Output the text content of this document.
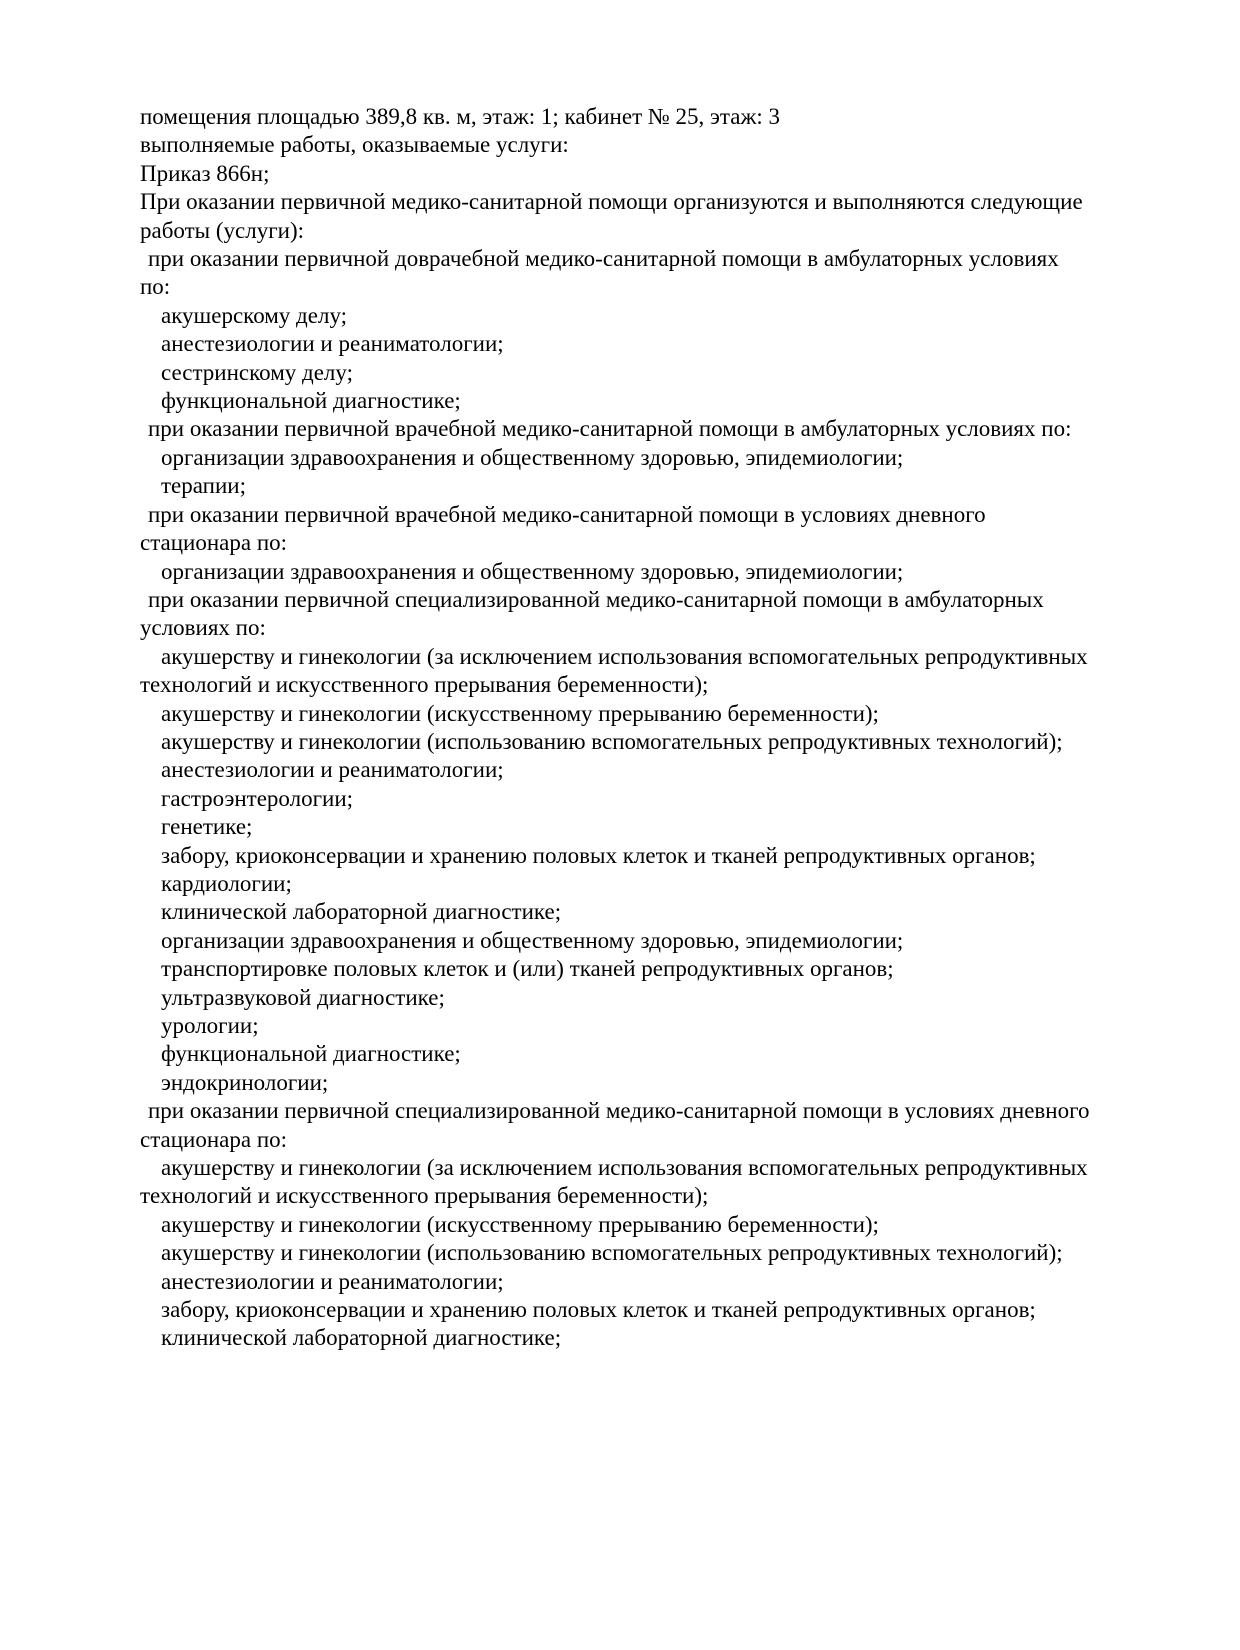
помещения площадью 389,8 кв. м, этаж: 1; кабинет № 25, этаж: 3
выполняемые работы, оказываемые услуги:
Приказ 866н;
При оказании первичной медико-санитарной помощи организуются и выполняются следующие
работы (услуги):
при оказании первичной доврачебной медико-санитарной помощи в амбулаторных условиях
по:
акушерскому делу;
анестезиологии и реаниматологии;
сестринскому делу;
функциональной диагностике;
при оказании первичной врачебной медико-санитарной помощи в амбулаторных условиях по:
организации здравоохранения и общественному здоровью, эпидемиологии;
терапии;
при оказании первичной врачебной медико-санитарной помощи в условиях дневного
стационара по:
организации здравоохранения и общественному здоровью, эпидемиологии;
при оказании первичной специализированной медико-санитарной помощи в амбулаторных
условиях по:
акушерству и гинекологии (за исключением использования вспомогательных репродуктивных
технологий и искусственного прерывания беременности);
акушерству и гинекологии (искусственному прерыванию беременности);
акушерству и гинекологии (использованию вспомогательных репродуктивных технологий);
анестезиологии и реаниматологии;
гастроэнтерологии;
генетике;
забору, криоконсервации и хранению половых клеток и тканей репродуктивных органов;
кардиологии;
клинической лабораторной диагностике;
организации здравоохранения и общественному здоровью, эпидемиологии;
транспортировке половых клеток и (или) тканей репродуктивных органов;
ультразвуковой диагностике;
урологии;
функциональной диагностике;
эндокринологии;
при оказании первичной специализированной медико-санитарной помощи в условиях дневного
стационара по:
акушерству и гинекологии (за исключением использования вспомогательных репродуктивных
технологий и искусственного прерывания беременности);
акушерству и гинекологии (искусственному прерыванию беременности);
акушерству и гинекологии (использованию вспомогательных репродуктивных технологий);
анестезиологии и реаниматологии;
забору, криоконсервации и хранению половых клеток и тканей репродуктивных органов;
клинической лабораторной диагностике;
